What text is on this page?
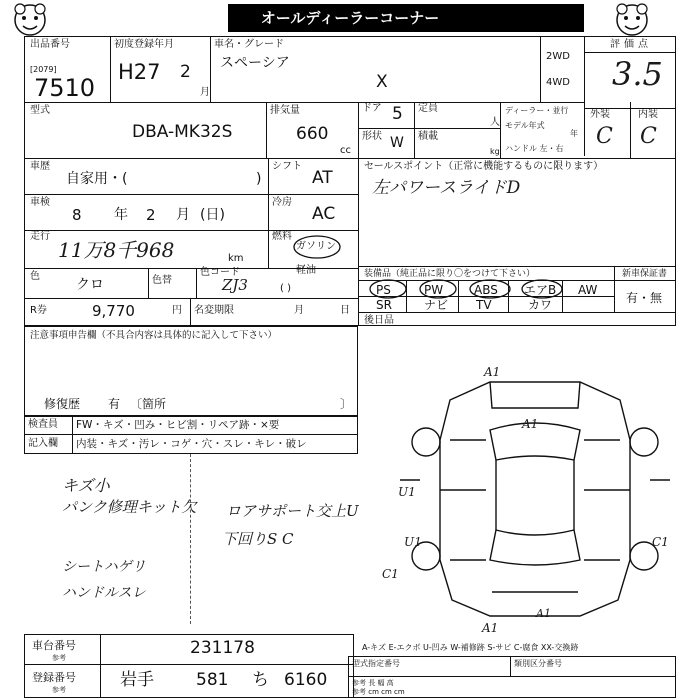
オールディーラーコーナー
出品番号
[2079]
7510
初度登録年月
H27 2
月
車名・グレード
スペーシア
X
2WD
4WD
評価点
3.5
型式
DBA-MK32S
排気量
660
cc
ドア 5
形状 W
定員
人
積載
kg
ディーラー・並行
モデル年式
年
ハンドル 左・右
外装	内装
C C
車歴
自家用・(	)
シフト
AT
車検
8 年 2 月 (日)
冷房
AC
走行
11万8千968	km
燃料
ガソリン
軽油
( )
色
クロ	色替
色コード
ZJ3
R券	9,770	円 名変期限	月	日
セールスポイント（正常に機能するものに限ります）
左パワースライドD
装備品（純正品に限り〇をつけて下さい）	新車保証書
有・無
PS	PW	ABS エアB AW
SR	ナビ TV	カワ
後日品
注意事項申告欄（不具合内容は具体的に記入して下さい）
修復歴 有 〔箇所	〕
検査員 FW・キズ・凹み・ヒビ割・リペア跡・×要
記入欄 内装・キズ・汚レ・コゲ・穴・スレ・キレ・破レ
キズ小
パンク修理キット欠 ロアサポート交上U
下回りS C
シートハゲリ
ハンドルスレ
A1
A1
U1
U1	C1
C1
A1
A1
A-キズ E-エクボ U-凹み W-補修跡 S-サビ C-腐食 XX-交換跡
車台番号
参考	231178
登録番号
参考	岩手 581 ち 6160
型式指定番号	類別区分番号
参考 長 幅 高
参考 cm cm cm
